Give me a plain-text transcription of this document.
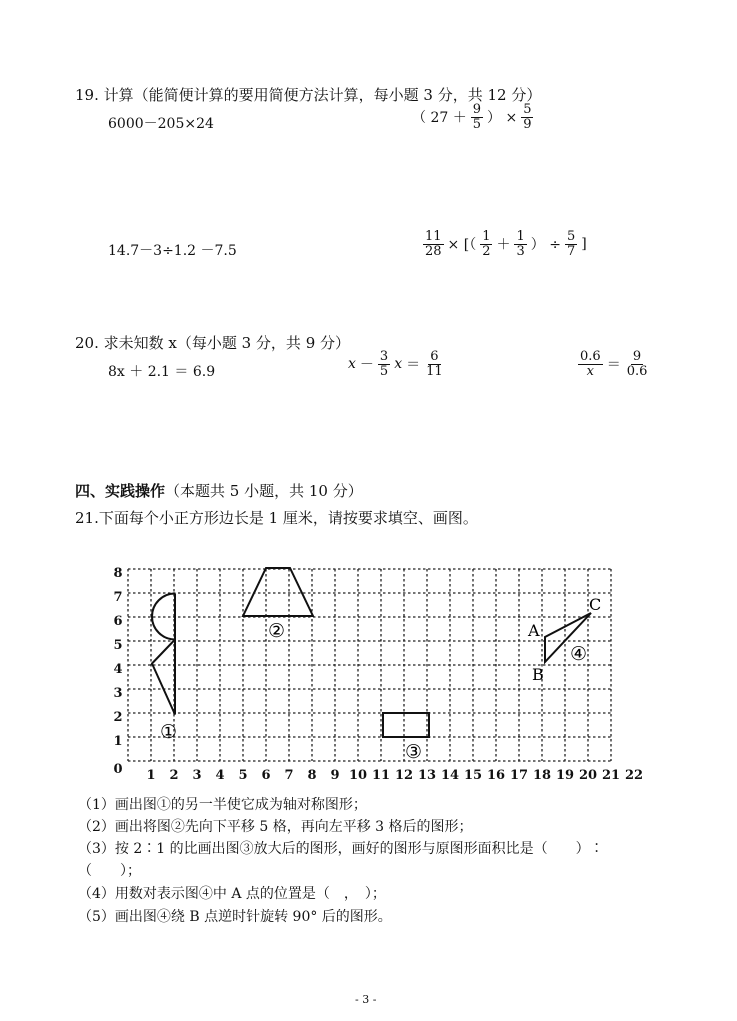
19. 计算（能简便计算的要用简便方法计算，每小题 3 分，共 12 分）
6000－205×24	（ $27 + \frac{9}{5}$ ） × $\frac{5}{9}$
14.7－3÷1.2 －7.5	$\frac{11}{28}$ × [（ $\frac{1}{2} + \frac{1}{3}$ ） ÷ $\frac{5}{7}$ ]
20. 求未知数 x（每小题 3 分，共 9 分）
8x ＋ 2.1 ＝ 6.9	$x - \frac{3}{5}$ $x = \frac{6}{11}$	$\frac{0.6}{x} = \frac{9}{0.6}$
四、实践操作（本题共 5 小题，共 10 分）
21.下面每个小正方形边长是 1 厘米，请按要求填空、画图。
1 2 3 4 5 6 7 8 9 10 11 12 13 14 15 16 17 18 19 20 21 22
1
2
3
4
5
6
7
8
0
①
②
③
④
A
B
C
（1）画出图①的另一半使它成为轴对称图形；
（2）画出将图②先向下平移 5 格，再向左平移 3 格后的图形；
（3）按 2∶1 的比画出图③放大后的图形，画好的图形与原图形面积比是（　　）∶
（　　）；
（4）用数对表示图④中 A 点的位置是（　，　）；
（5）画出图④绕 B 点逆时针旋转 90° 后的图形。
- 3 -
